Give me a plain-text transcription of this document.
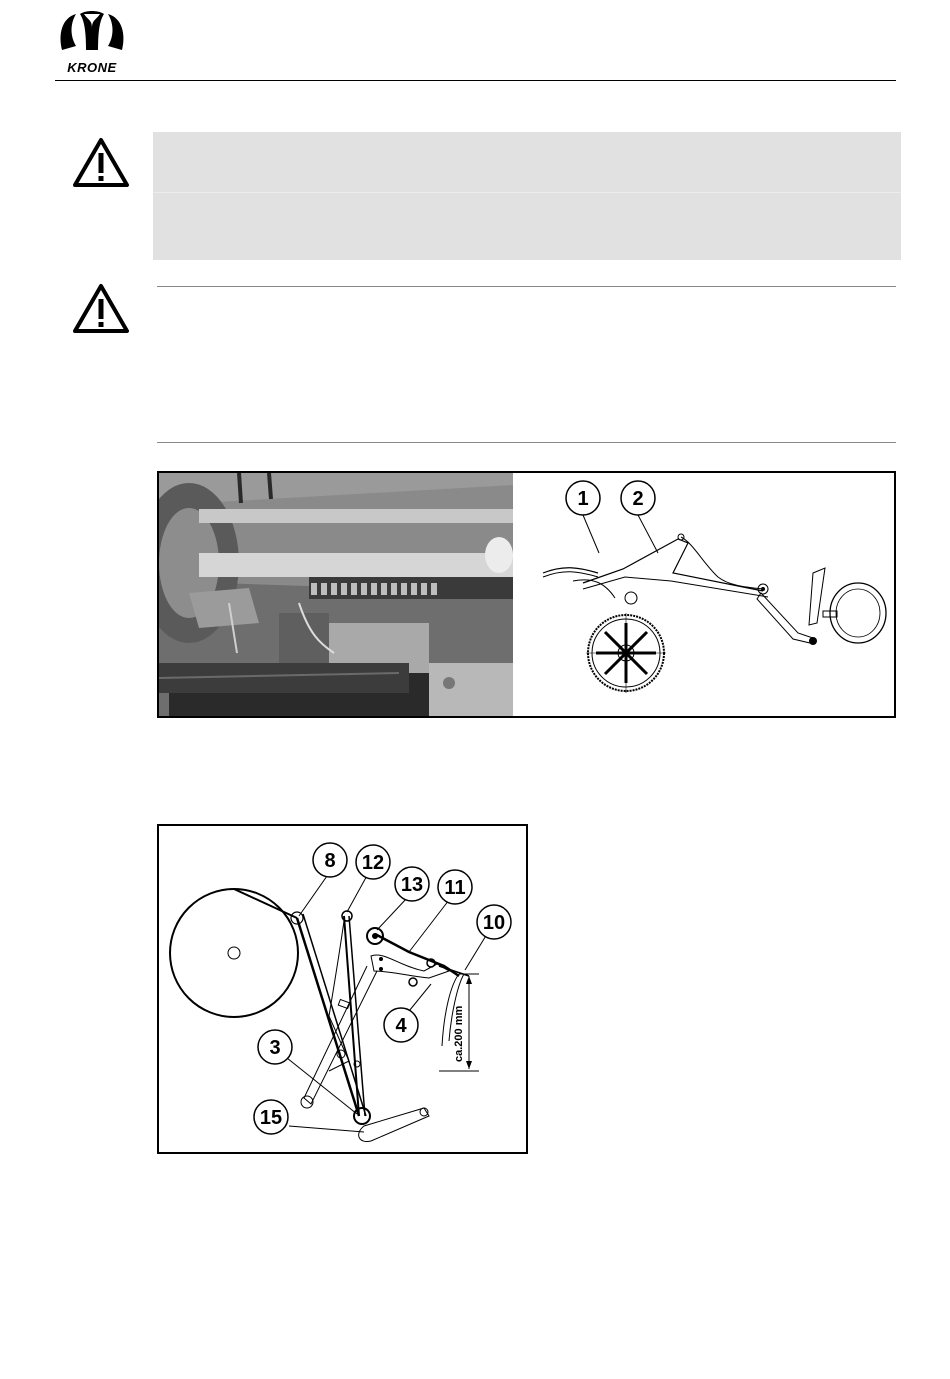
KRONE
1 2
ca.200 mm
8 12
13 11
10
4
3
15
